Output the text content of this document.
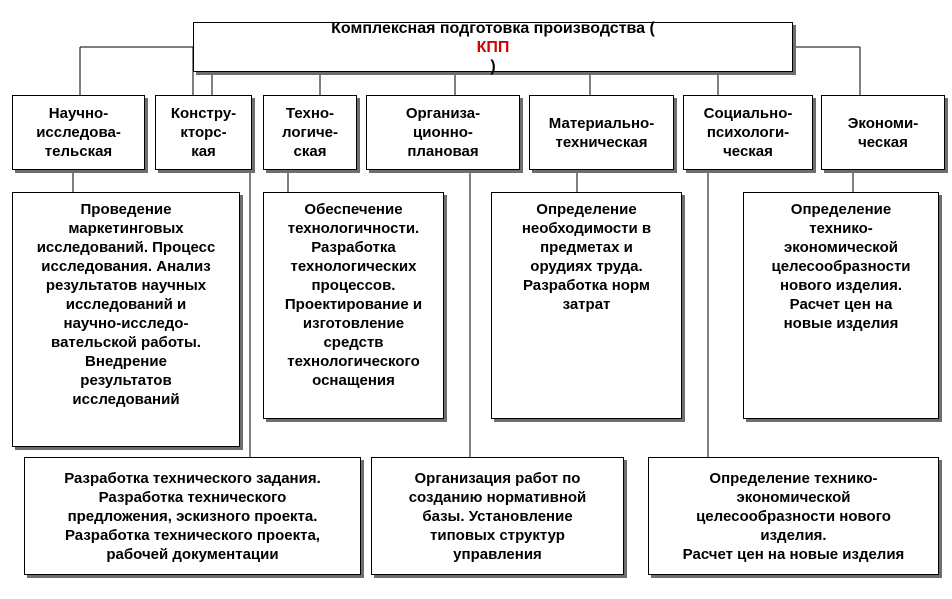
Комплексная подготовка производства (
КПП
)
Научно-
исследова-
тельская
Констру-
кторс-
кая
Техно-
логиче-
ская
Организа-
ционно-
плановая
Материально-
техническая
Социально-
психологи-
ческая
Экономи-
ческая
Проведение
маркетинговых
исследований. Процесс
исследования. Анализ
результатов научных
исследований и
научно-исследо-
вательской работы.
Внедрение
результатов
исследований
Обеспечение
технологичности.
Разработка
технологических
процессов.
Проектирование и
изготовление
средств
технологического
оснащения
Определение
необходимости в
предметах и
орудиях труда.
Разработка норм
затрат
Определение
технико-
экономической
целесообразности
нового изделия.
Расчет цен на
новые изделия
Разработка технического задания.
Разработка технического
предложения, эскизного проекта.
Разработка технического проекта,
рабочей документации
Организация работ по
созданию нормативной
базы. Установление
типовых структур
управления
Определение технико-
экономической
целесообразности нового
изделия.
Расчет цен на новые изделия
